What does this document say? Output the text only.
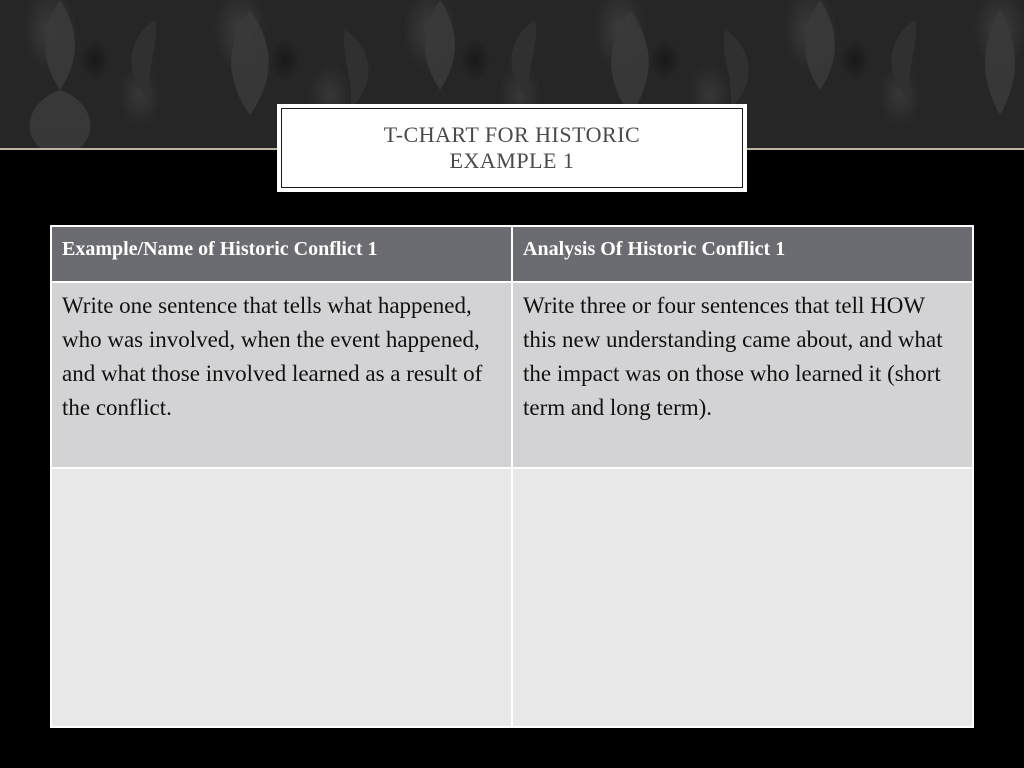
T-CHART FOR HISTORIC
EXAMPLE 1
Example/Name of Historic Conflict 1	Analysis Of Historic Conflict 1
Write one sentence that tells what happened, who was involved, when the event happened, and what those involved learned as a result of the conflict.	Write three or four sentences that tell HOW this new understanding came about, and what the impact was on those who learned it (short term and long term).
